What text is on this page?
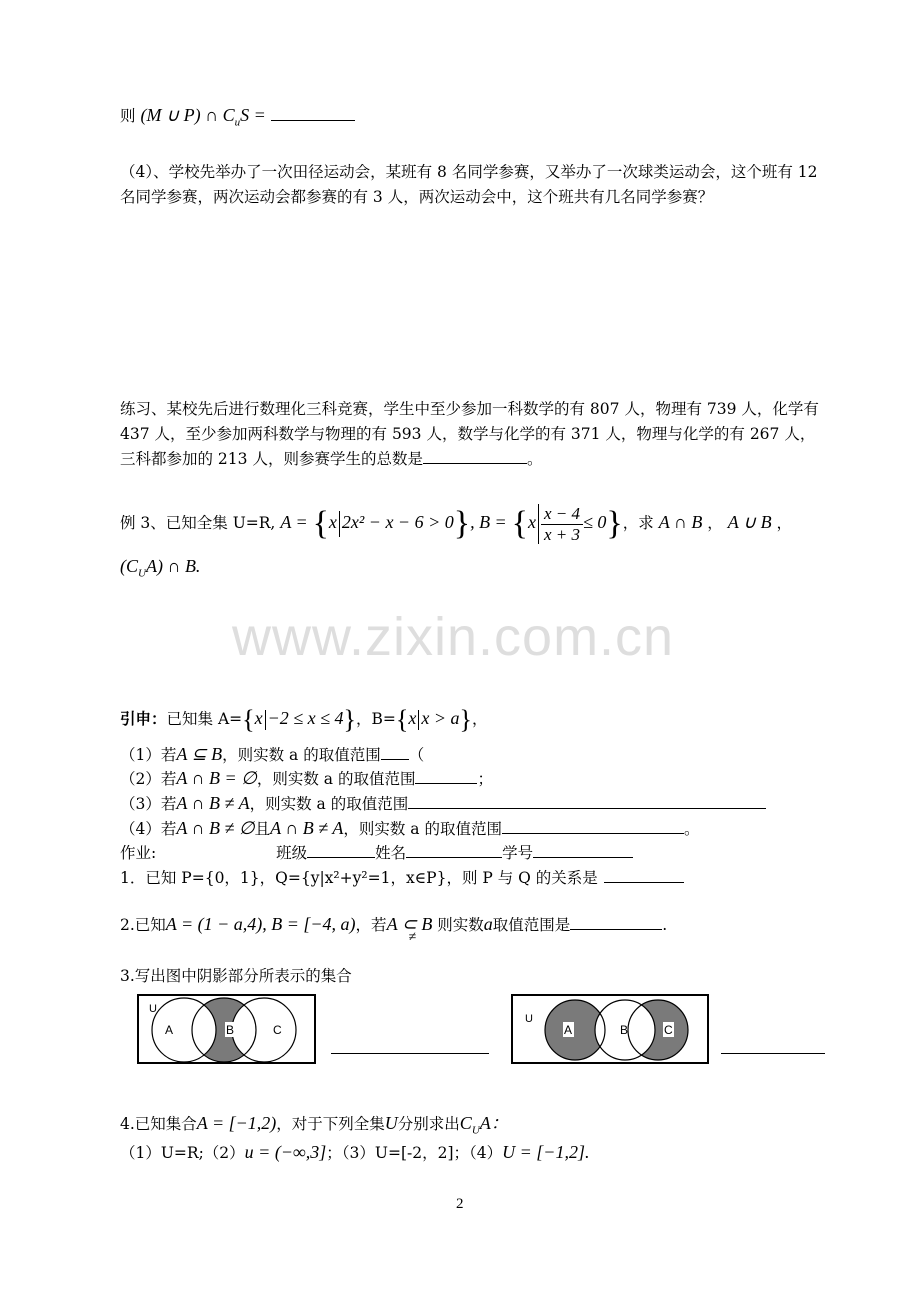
则 (M ∪ P) ∩ $C_uS$ =
（4）、学校先举办了一次田径运动会，某班有 8 名同学参赛，又举办了一次球类运动会，这个班有 12 名同学参赛，两次运动会都参赛的有 3 人，两次运动会中，这个班共有几名同学参赛？
练习、某校先后进行数理化三科竞赛，学生中至少参加一科数学的有 807 人，物理有 739 人，化学有 437 人，至少参加两科数学与物理的有 593 人，数学与化学的有 371 人，物理与化学的有 267 人，三科都参加的 213 人，则参赛学生的总数是	。
例 3、已知全集 U=R, A = {x 2x² − x − 6 > 0}, $B = \{x \frac{x - 4}{x + 3} \le 0\}$，求 A ∩ B ， A ∪ B ，
$(C_UA)$ ∩ B.
www.zixin.com.cn
引申：已知集 A={x −2 ≤ x ≤ 4}，B={x x > a}，
（1）若A ⊆ B，则实数 a 的取值范围 （
（2）若A ∩ B = ∅，则实数 a 的取值范围	；
（3）若A ∩ B ≠ A，则实数 a 的取值范围
（4）若A ∩ B ≠ ∅且A ∩ B ≠ A，则实数 a 的取值范围	。
作业:	班级	姓名	学号
1．已知 P={0，1}，Q={y|x²+y²=1，x∈P}，则 P 与 Q 的关系是
2.已知A = (1 − a,4), B = [−4, a)，若A ⊂ B
≠
则实数a取值范围是	.
3.写出图中阴影部分所表示的集合
U
A	B	C
U
A	B	C
4.已知集合A = [−1,2)，对于下列全集U分别求出$C_UA$：
（1）U=R;（2）u = (−∞,3]；（3）U=[-2，2]；（4）U = [−1,2].
2
